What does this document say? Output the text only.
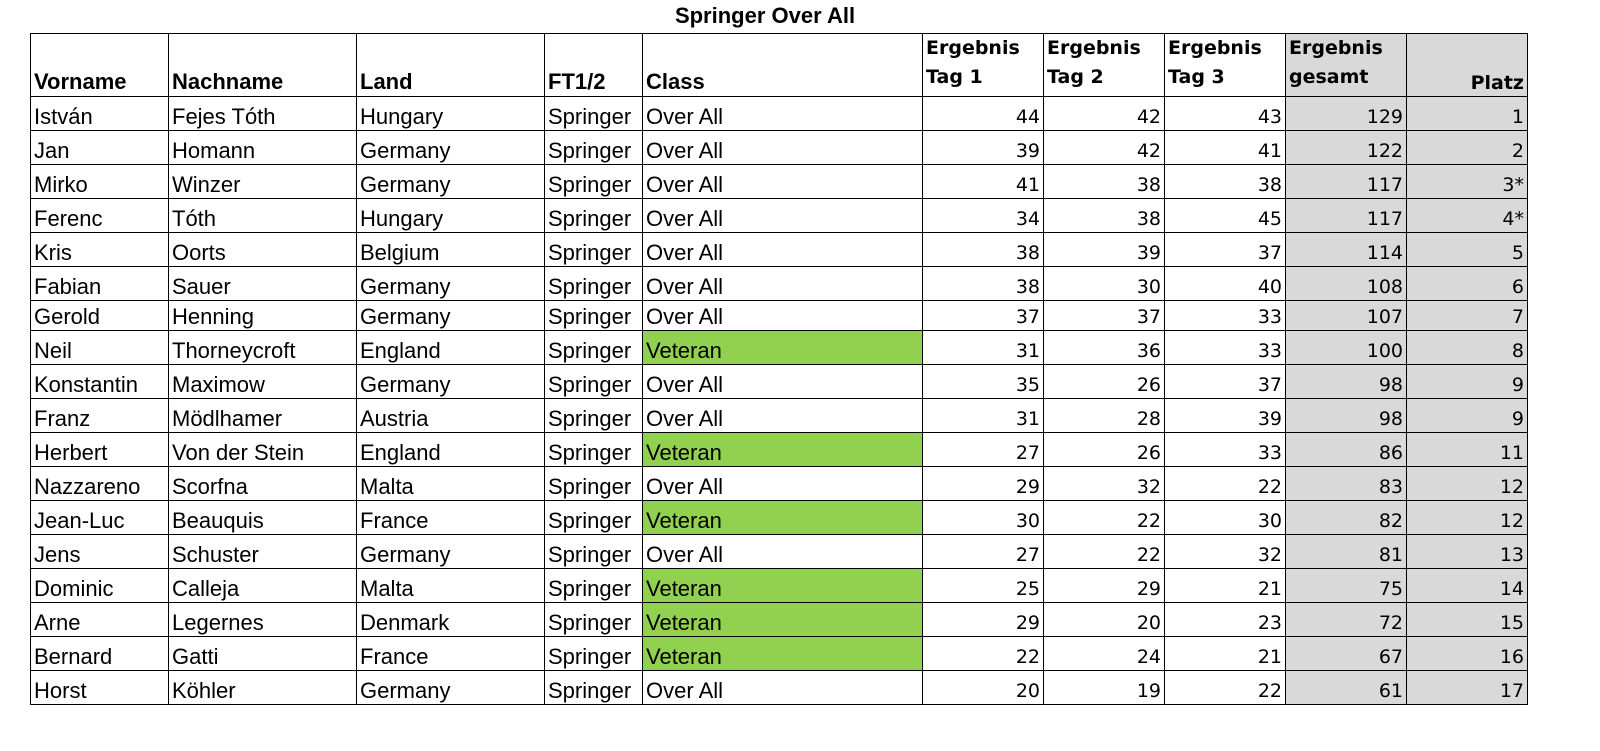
Springer Over All
Vorname	Nachname	Land	FT1/2	Class	Ergebnis Tag 1	Ergebnis Tag 2	Ergebnis Tag 3	Ergebnis gesamt	Platz
István	Fejes Tóth	Hungary	Springer	Over All	44	42	43	129	1
Jan	Homann	Germany	Springer	Over All	39	42	41	122	2
Mirko	Winzer	Germany	Springer	Over All	41	38	38	117	3*
Ferenc	Tóth	Hungary	Springer	Over All	34	38	45	117	4*
Kris	Oorts	Belgium	Springer	Over All	38	39	37	114	5
Fabian	Sauer	Germany	Springer	Over All	38	30	40	108	6
Gerold	Henning	Germany	Springer	Over All	37	37	33	107	7
Neil	Thorneycroft	England	Springer	Veteran	31	36	33	100	8
Konstantin	Maximow	Germany	Springer	Over All	35	26	37	98	9
Franz	Mödlhamer	Austria	Springer	Over All	31	28	39	98	9
Herbert	Von der Stein	England	Springer	Veteran	27	26	33	86	11
Nazzareno	Scorfna	Malta	Springer	Over All	29	32	22	83	12
Jean-Luc	Beauquis	France	Springer	Veteran	30	22	30	82	12
Jens	Schuster	Germany	Springer	Over All	27	22	32	81	13
Dominic	Calleja	Malta	Springer	Veteran	25	29	21	75	14
Arne	Legernes	Denmark	Springer	Veteran	29	20	23	72	15
Bernard	Gatti	France	Springer	Veteran	22	24	21	67	16
Horst	Köhler	Germany	Springer	Over All	20	19	22	61	17
